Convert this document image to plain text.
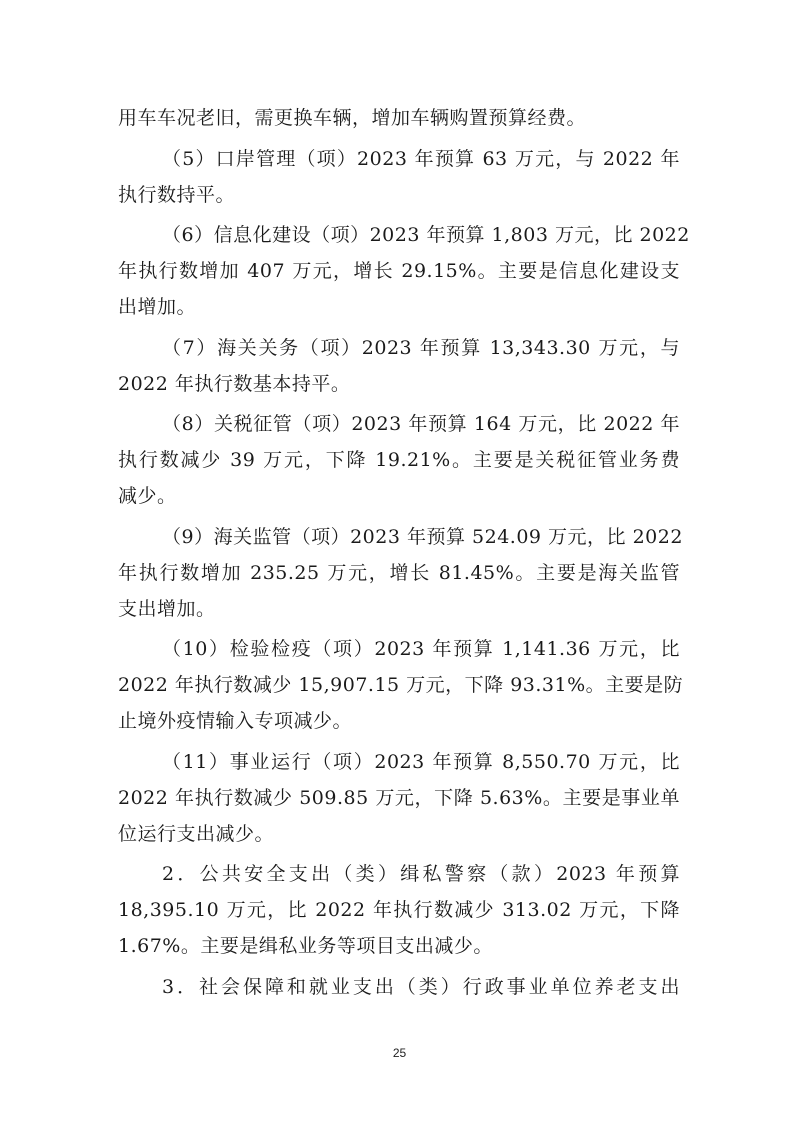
用车车况老旧，需更换车辆，增加车辆购置预算经费。
（5）口岸管理（项）2023 年预算 63 万元，与 2022 年
执行数持平。
（6）信息化建设（项）2023 年预算 1,803 万元，比 2022
年执行数增加 407 万元，增长 29.15%。主要是信息化建设支
出增加。
（7）海关关务（项）2023 年预算 13,343.30 万元，与
2022 年执行数基本持平。
（8）关税征管（项）2023 年预算 164 万元，比 2022 年
执行数减少 39 万元，下降 19.21%。主要是关税征管业务费
减少。
（9）海关监管（项）2023 年预算 524.09 万元，比 2022
年执行数增加 235.25 万元，增长 81.45%。主要是海关监管
支出增加。
（10）检验检疫（项）2023 年预算 1,141.36 万元，比
2022 年执行数减少 15,907.15 万元，下降 93.31%。主要是防
止境外疫情输入专项减少。
（11）事业运行（项）2023 年预算 8,550.70 万元，比
2022 年执行数减少 509.85 万元，下降 5.63%。主要是事业单
位运行支出减少。
2．公共安全支出（类）缉私警察（款）2023 年预算
18,395.10 万元，比 2022 年执行数减少 313.02 万元，下降
1.67%。主要是缉私业务等项目支出减少。
3．社会保障和就业支出（类）行政事业单位养老支出
25
